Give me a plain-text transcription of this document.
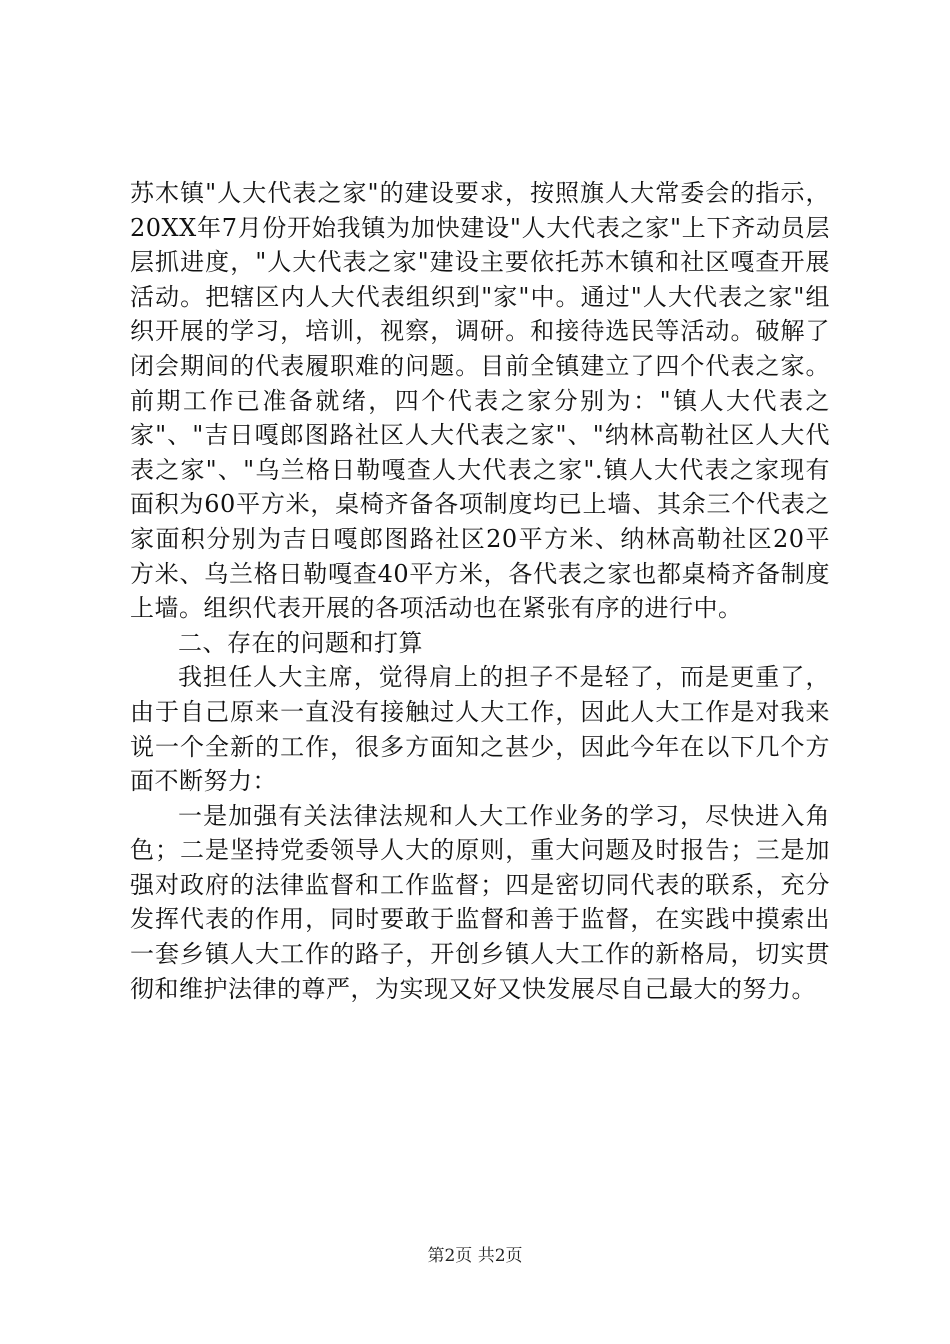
苏木镇"人大代表之家"的建设要求，按照旗人大常委会的指示，20XX年7月份开始我镇为加快建设"人大代表之家"上下齐动员层层抓进度，"人大代表之家"建设主要依托苏木镇和社区嘎查开展活动。把辖区内人大代表组织到"家"中。通过"人大代表之家"组织开展的学习，培训，视察，调研。和接待选民等活动。破解了闭会期间的代表履职难的问题。目前全镇建立了四个代表之家。前期工作已准备就绪，四个代表之家分别为："镇人大代表之家"、"吉日嘎郎图路社区人大代表之家"、"纳林高勒社区人大代表之家"、"乌兰格日勒嘎查人大代表之家".镇人大代表之家现有面积为60平方米，桌椅齐备各项制度均已上墙、其余三个代表之家面积分别为吉日嘎郎图路社区20平方米、纳林高勒社区20平方米、乌兰格日勒嘎查40平方米，各代表之家也都桌椅齐备制度上墙。组织代表开展的各项活动也在紧张有序的进行中。

二、存在的问题和打算

我担任人大主席，觉得肩上的担子不是轻了，而是更重了，由于自己原来一直没有接触过人大工作，因此人大工作是对我来说一个全新的工作，很多方面知之甚少，因此今年在以下几个方面不断努力：

一是加强有关法律法规和人大工作业务的学习，尽快进入角色；二是坚持党委领导人大的原则，重大问题及时报告；三是加强对政府的法律监督和工作监督；四是密切同代表的联系，充分发挥代表的作用，同时要敢于监督和善于监督，在实践中摸索出一套乡镇人大工作的路子，开创乡镇人大工作的新格局，切实贯彻和维护法律的尊严，为实现又好又快发展尽自己最大的努力。

第2页 共2页
